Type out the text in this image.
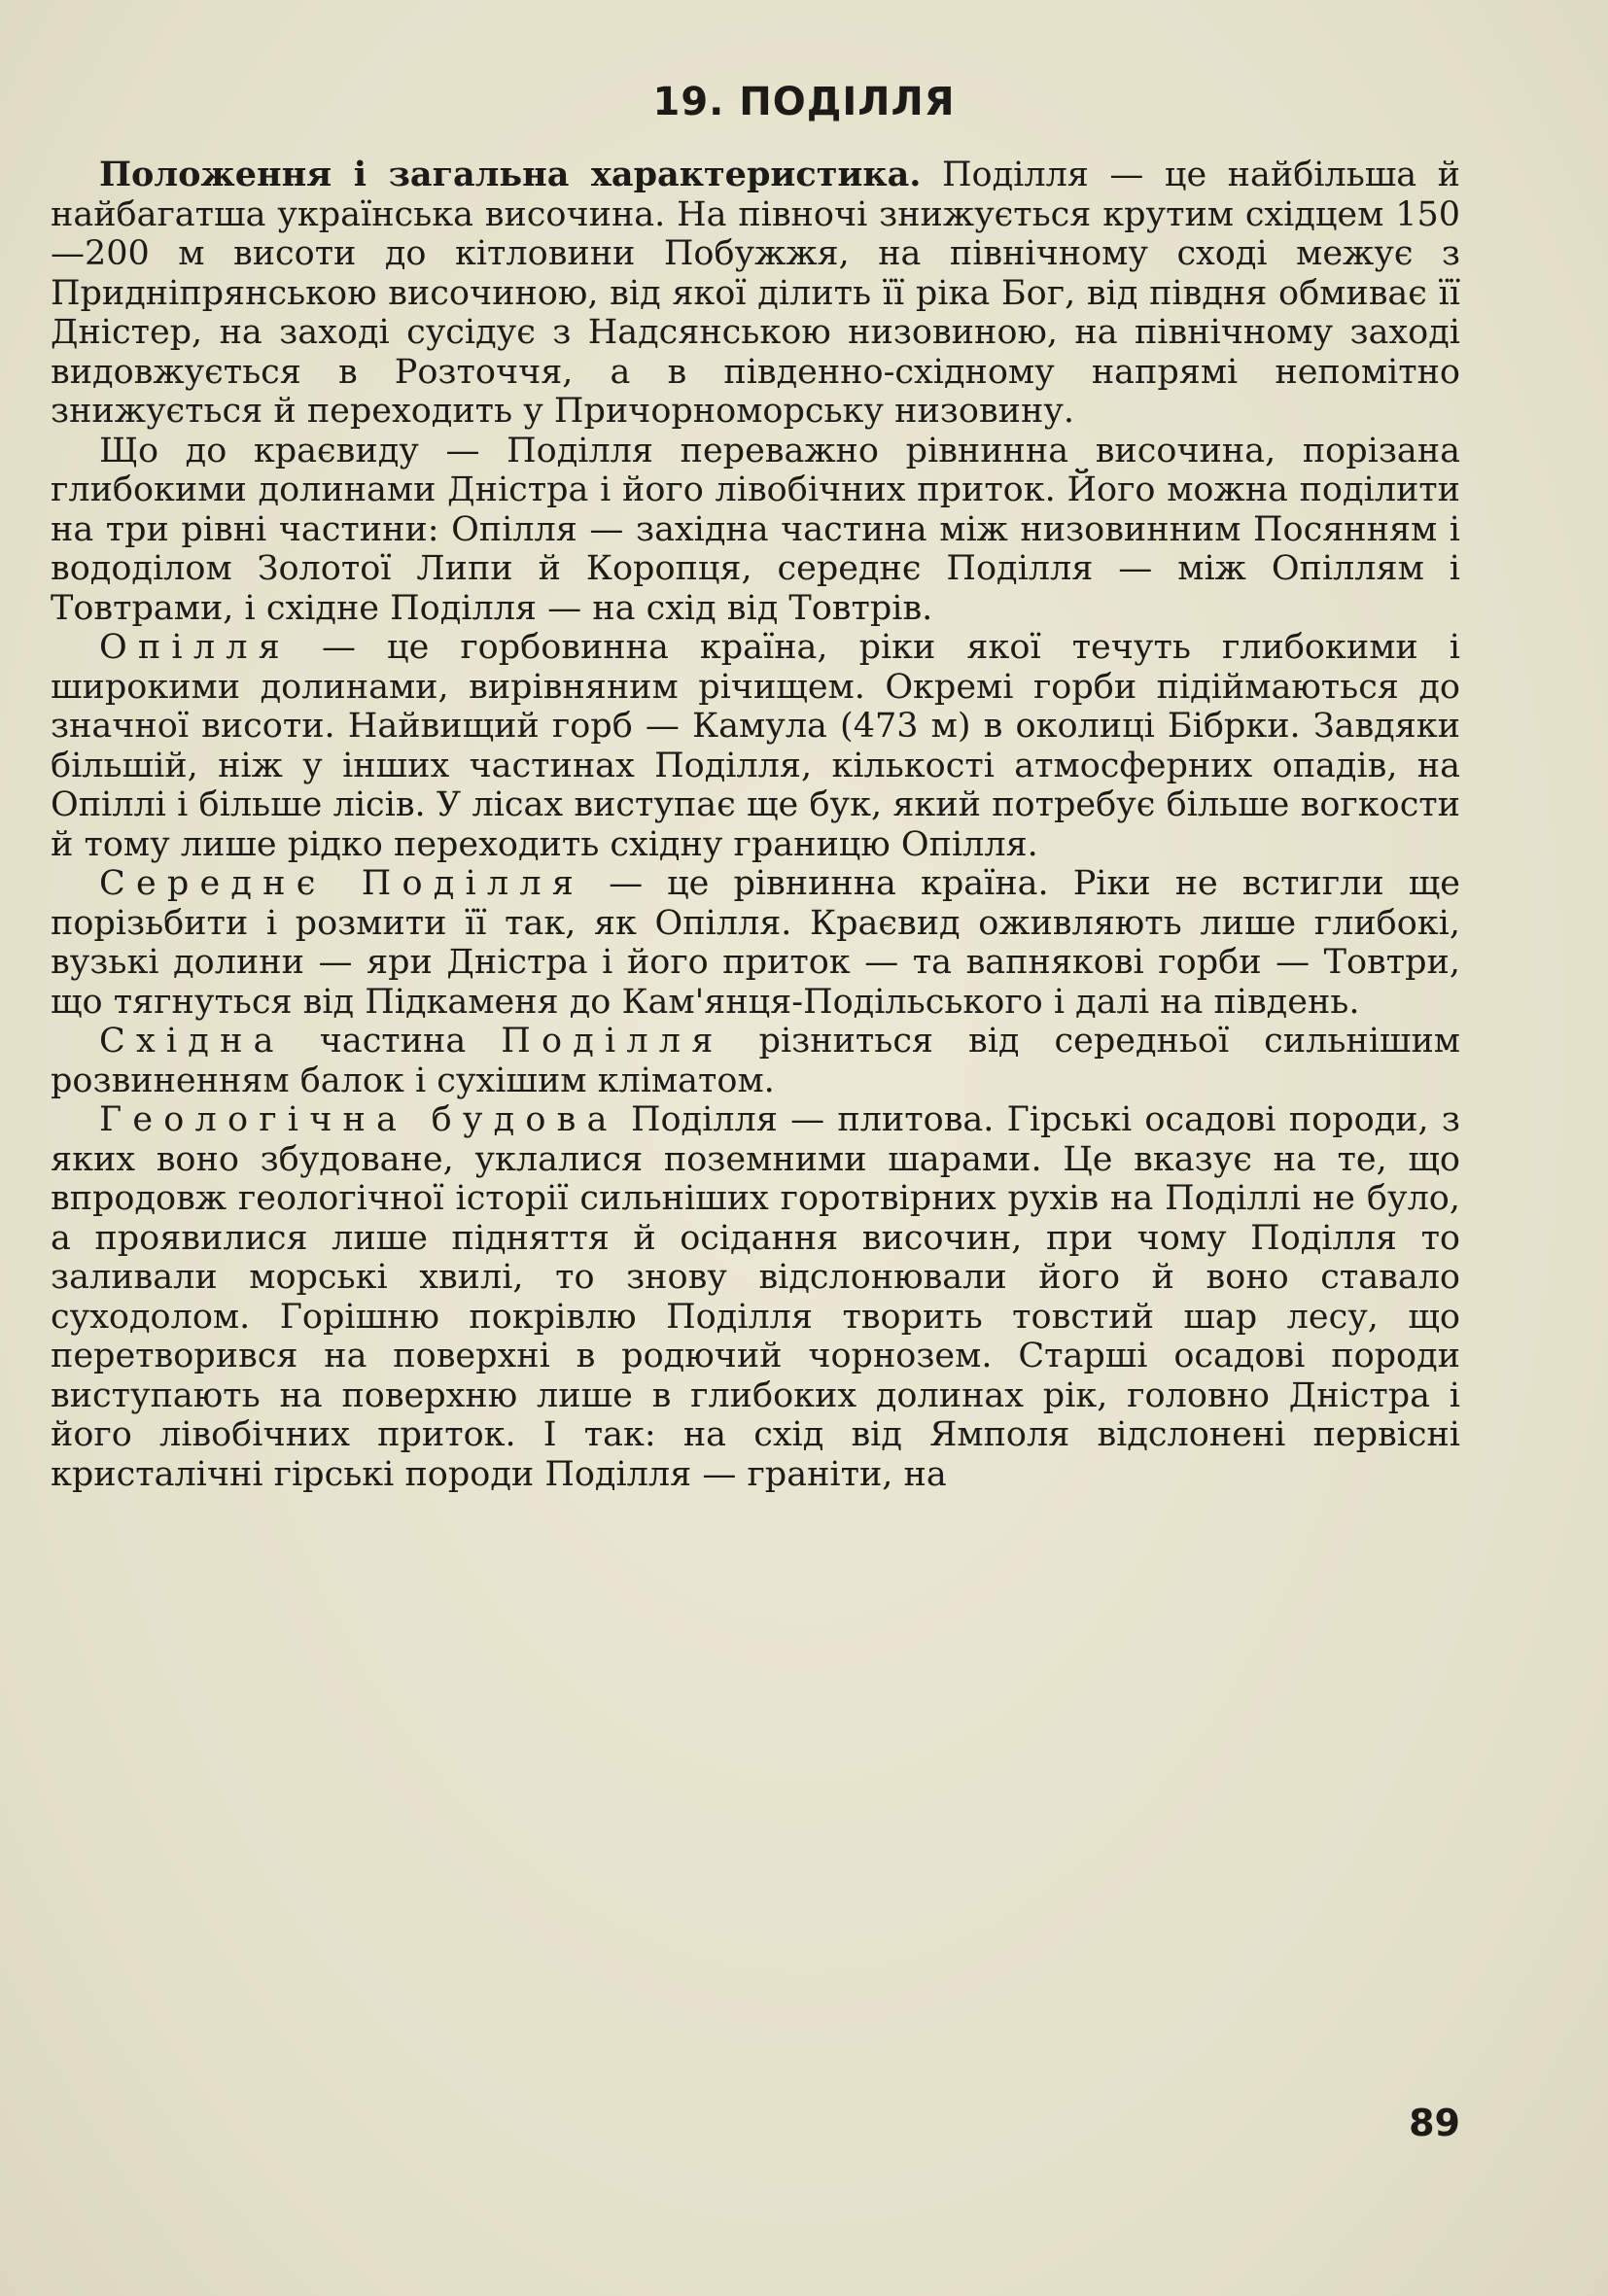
19. ПОДІЛЛЯ

Положення і загальна характеристика. Поділля — це найбільша й найбагатша українська височина. На півночі знижується крутим східцем 150—200 м висоти до кітловини Побужжя, на північному сході межує з Придніпрянською височиною, від якої ділить її ріка Бог, від півдня обмиває її Дністер, на заході сусідує з Надсянською низовиною, на північному заході видовжується в Розточчя, а в південно-східному напрямі непомітно знижується й переходить у Причорноморську низовину.

Що до краєвиду — Поділля переважно рівнинна височина, порізана глибокими долинами Дністра і його лівобічних приток. Його можна поділити на три рівні частини: Опілля — західна частина між низовинним Посянням і вододілом Золотої Липи й Коропця, середнє Поділля — між Опіллям і Товтрами, і східне Поділля — на схід від Товтрів.

Опілля — це горбовинна країна, ріки якої течуть глибокими і широкими долинами, вирівняним річищем. Окремі горби підіймаються до значної висоти. Найвищий горб — Камула (473 м) в околиці Бібрки. Завдяки більшій, ніж у інших частинах Поділля, кількості атмосферних опадів, на Опіллі і більше лісів. У лісах виступає ще бук, який потребує більше вогкости й тому лише рідко переходить східну границю Опілля.

Середнє Поділля — це рівнинна країна. Ріки не встигли ще порізьбити і розмити її так, як Опілля. Краєвид оживляють лише глибокі, вузькі долини — яри Дністра і його приток — та вапнякові горби — Товтри, що тягнуться від Підкаменя до Кам'янця-Подільського і далі на південь.

Східна частина Поділля різниться від середньої сильнішим розвиненням балок і сухішим кліматом.

Геологічна будова Поділля — плитова. Гірські осадові породи, з яких воно збудоване, уклалися поземними шарами. Це вказує на те, що впродовж геологічної історії сильніших горотвірних рухів на Поділлі не було, а проявилися лише підняття й осідання височин, при чому Поділля то заливали морські хвилі, то знову відслонювали його й воно ставало суходолом. Горішню покрівлю Поділля творить товстий шар лесу, що перетворився на поверхні в родючий чорнозем. Старші осадові породи виступають на поверхню лише в глибоких долинах рік, головно Дністра і його лівобічних приток. І так: на схід від Ямполя відслонені первісні кристалічні гірські породи Поділля — граніти, на

89
